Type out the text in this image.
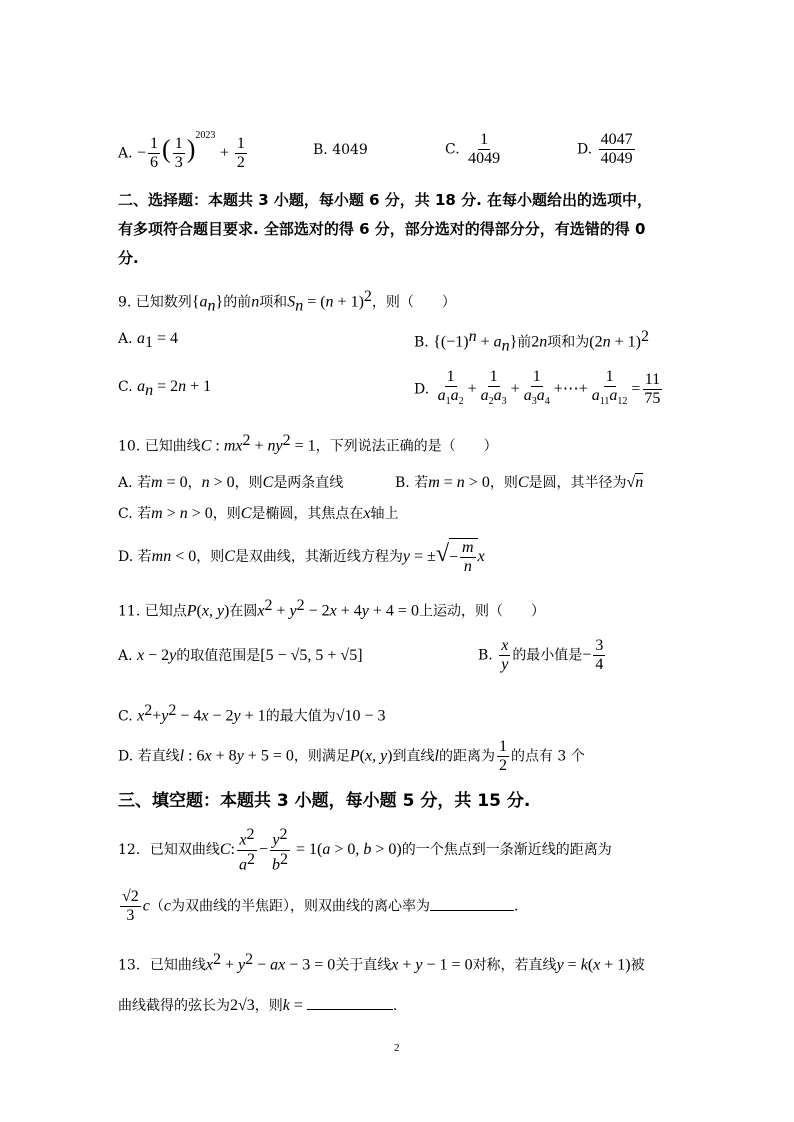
A. − $\frac{1}{6}$ ( $\frac{1}{3} )^{2023} + \frac{1}{2}$	B. 4049	C. $\frac{1}{4049}$	D. $\frac{4047}{4049}$
二、选择题：本题共 3 小题，每小题 6 分，共 18 分. 在每小题给出的选项中，
有多项符合题目要求. 全部选对的得 6 分，部分选对的得部分分，有选错的得 0
分.
9. 已知数列$\{a_n\}$的前n项和$S_n = (n + 1)^2$，则（　　）
A. $a_1 = 4$	B. $\{(-1)^n + a_n\}$前2n项和为$(2n + 1)^2$
C. $a_n = 2n + 1$	D. $\frac{1}{a_1a_2} + \frac{1}{a_2a_3} + \frac{1}{a_3a_4}$ +⋯+ $\frac{1}{a_{11}a_{12}} = \frac{11}{75}$
10. 已知曲线C : $mx^2 + ny^2 = 1$，下列说法正确的是（　　）
A. 若m = 0，n > 0，则C是两条直线	B. 若m = n > 0，则C是圆，其半径为√n
C. 若m > n > 0，则C是椭圆，其焦点在x轴上
D. 若mn < 0，则C是双曲线，其渐近线方程为y = ±√ − $\frac{m}{n}$ x
11. 已知点P(x, y)在圆$x^2 + y^2 - 2x + 4y + 4 = 0$上运动，则（　　）
A. x − 2y的取值范围是[5 − √5, 5 + √5]	B. $\frac{x}{y}$ 的最小值是− $\frac{3}{4}$
C. $x^2+y^2 - 4x - 2y + 1$的最大值为√10 − 3
D. 若直线l : 6x + 8y + 5 = 0，则满足P(x, y)到直线l的距离为 $\frac{1}{2}$ 的点有 3 个
三、填空题：本题共 3 小题，每小题 5 分，共 15 分.
12．已知双曲线C: $\frac{x^2}{a^2} - \frac{y^2}{b^2} = 1(a > 0$, b > 0)的一个焦点到一条渐近线的距离为
$\frac{√2}{3} c(c$为双曲线的半焦距），则双曲线的离心率为	.
13．已知曲线$x^2 + y^2$ − ax − 3 = 0关于直线x + y − 1 = 0对称，若直线y = k(x + 1)被
曲线截得的弦长为2√3，则k =	.
2
